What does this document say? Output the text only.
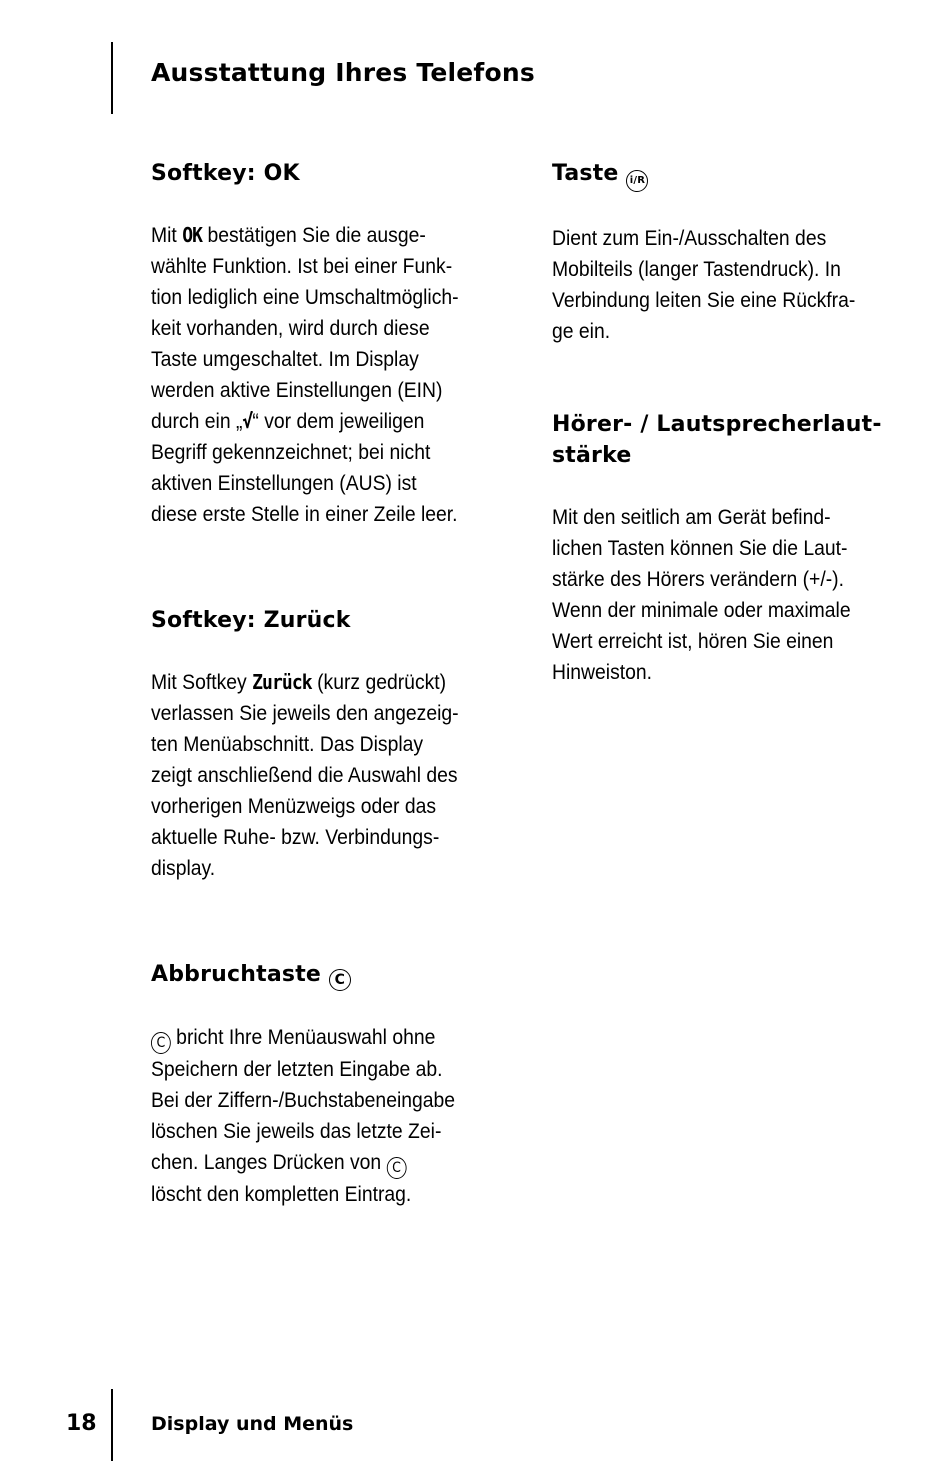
Ausstattung Ihres Telefons
Softkey: OK
Mit OK bestätigen Sie die ausge-
wählte Funktion. Ist bei einer Funk-
tion lediglich eine Umschaltmöglich-
keit vorhanden, wird durch diese
Taste umgeschaltet. Im Display
werden aktive Einstellungen (EIN)
durch ein „√“ vor dem jeweiligen
Begriff gekennzeichnet; bei nicht
aktiven Einstellungen (AUS) ist
diese erste Stelle in einer Zeile leer.
Softkey: Zurück
Mit Softkey Zurück (kurz gedrückt)
verlassen Sie jeweils den angezeig-
ten Menüabschnitt. Das Display
zeigt anschließend die Auswahl des
vorherigen Menüzweigs oder das
aktuelle Ruhe- bzw. Verbindungs-
display.
Abbruchtaste C
C bricht Ihre Menüauswahl ohne
Speichern der letzten Eingabe ab.
Bei der Ziffern-/Buchstabeneingabe
löschen Sie jeweils das letzte Zei-
chen. Langes Drücken von C
löscht den kompletten Eintrag.
Taste i/R
Dient zum Ein-/Ausschalten des
Mobilteils (langer Tastendruck). In
Verbindung leiten Sie eine Rückfra-
ge ein.
Hörer- / Lautsprecherlaut-
stärke
Mit den seitlich am Gerät befind-
lichen Tasten können Sie die Laut-
stärke des Hörers verändern (+/-).
Wenn der minimale oder maximale
Wert erreicht ist, hören Sie einen
Hinweiston.
18	Display und Menüs
